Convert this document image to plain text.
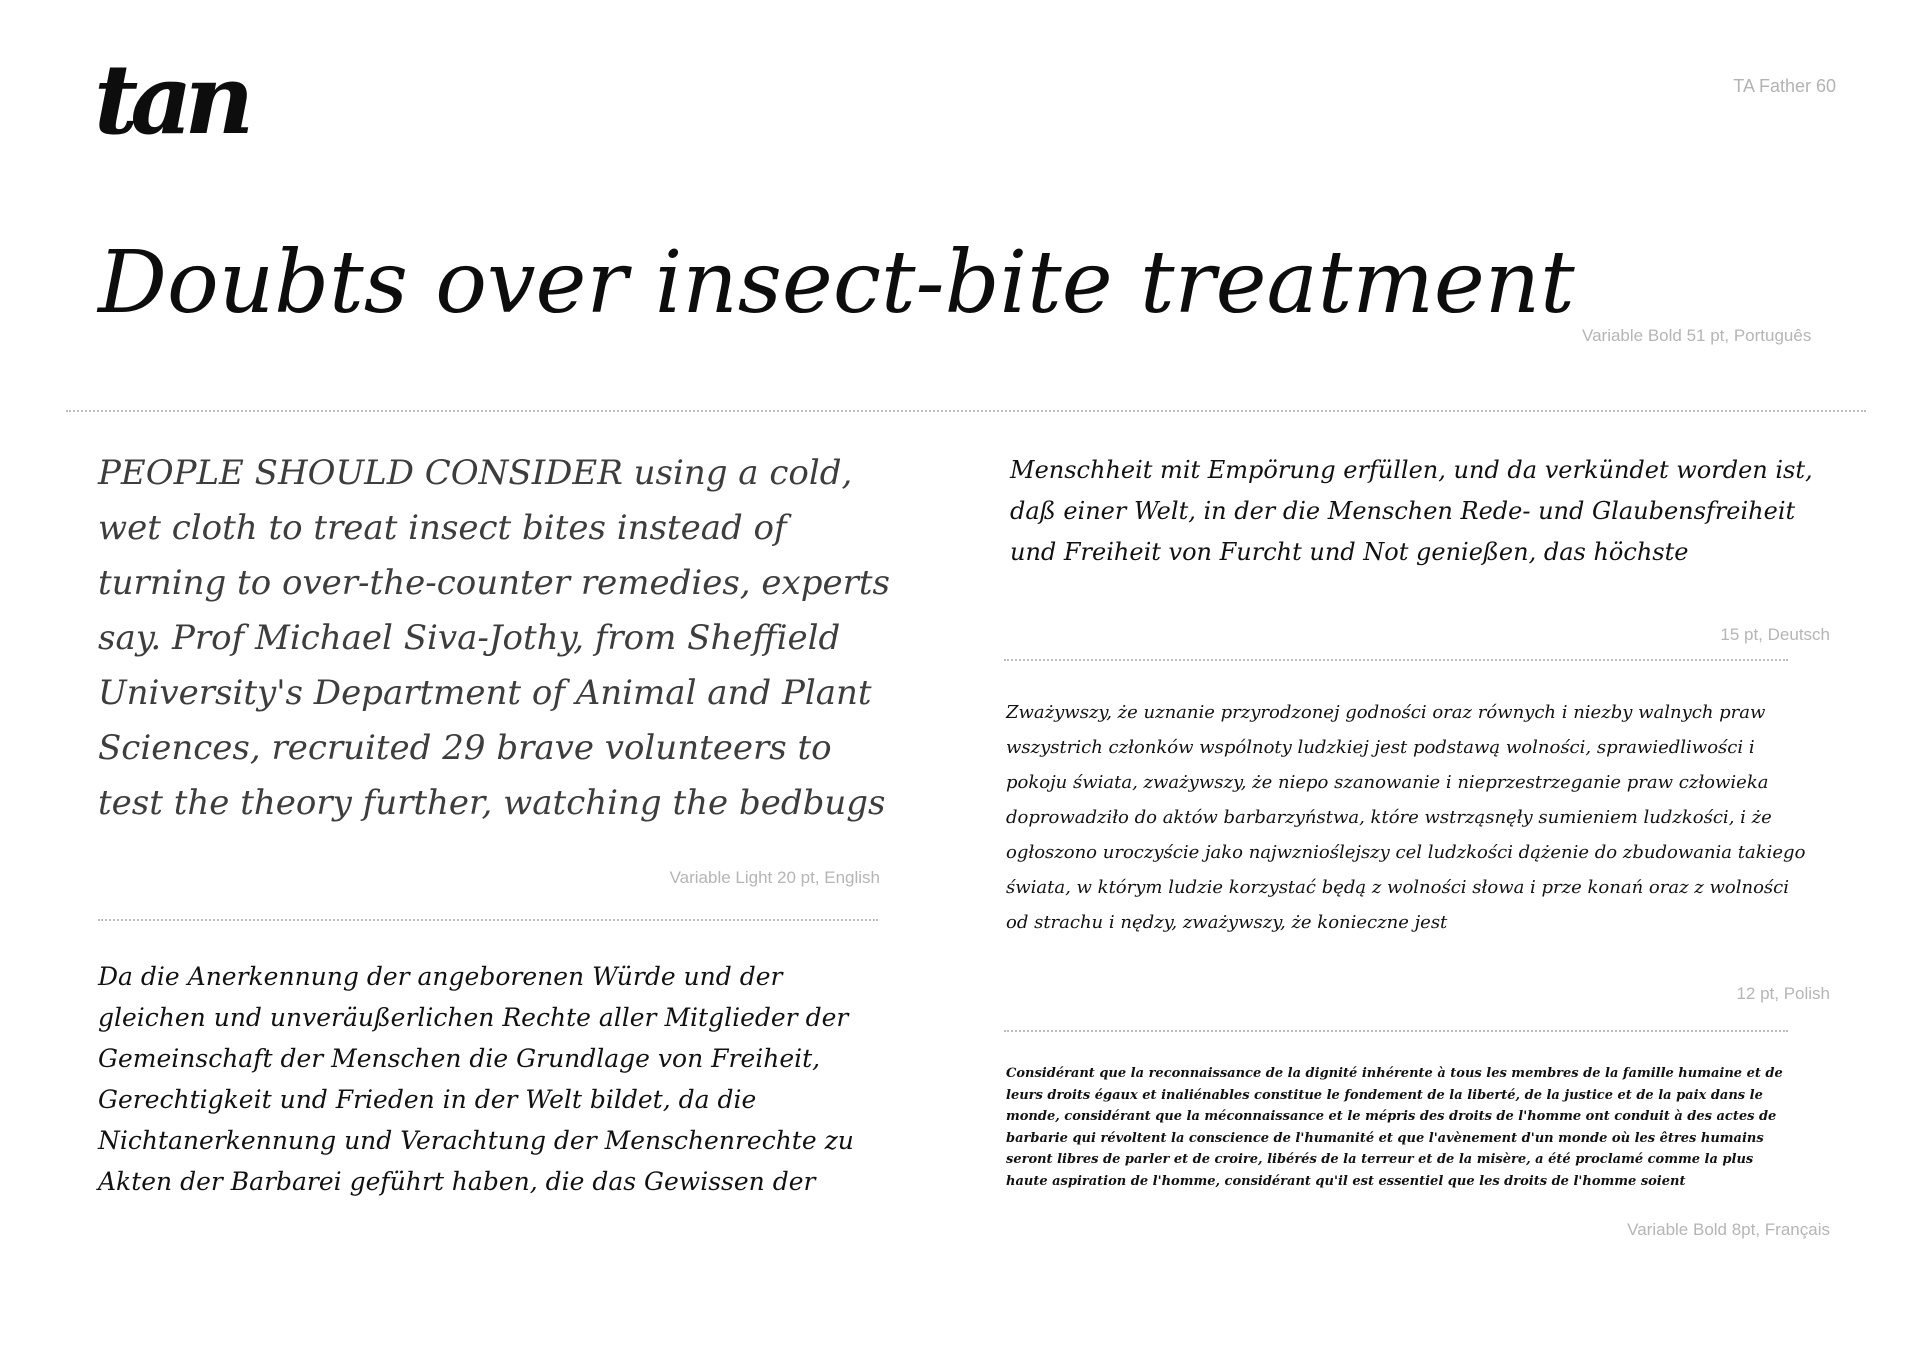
tan	TA Father 60
Doubts over insect-bite treatment
Variable Bold 51 pt, Português

PEOPLE SHOULD CONSIDER using a cold, wet cloth to treat insect bites instead of turning to over-the-counter remedies, experts say. Prof Michael Siva-Jothy, from Sheffield University's Department of Animal and Plant Sciences, recruited 29 brave volunteers to test the theory further, watching the bedbugs

Variable Light 20 pt, English

Da die Anerkennung der angeborenen Würde und der gleichen und unveräußerlichen Rechte aller Mitglieder der Gemeinschaft der Menschen die Grundlage von Freiheit, Gerechtigkeit und Frieden in der Welt bildet, da die Nichtanerkennung und Verachtung der Menschenrechte zu Akten der Barbarei geführt haben, die das Gewissen der

Menschheit mit Empörung erfüllen, und da verkündet worden ist, daß einer Welt, in der die Menschen Rede- und Glaubensfreiheit und Freiheit von Furcht und Not genießen, das höchste

15 pt, Deutsch

Zważywszy, że uznanie przyrodzonej godności oraz równych i niezby walnych praw wszystrich członków wspólnoty ludzkiej jest podstawą wolności, sprawiedliwości i pokoju świata, zważywszy, że niepo szanowanie i nieprzestrzeganie praw człowieka doprowadziło do aktów barbarzyństwa, które wstrząsnęły sumieniem ludzkości, i że ogłoszono uroczyście jako najwznioślejszy cel ludzkości dążenie do zbudowania takiego świata, w którym ludzie korzystać będą z wolności słowa i prze konań oraz z wolności od strachu i nędzy, zważywszy, że konieczne jest

12 pt, Polish

Considérant que la reconnaissance de la dignité inhérente à tous les membres de la famille humaine et de leurs droits égaux et inaliénables constitue le fondement de la liberté, de la justice et de la paix dans le monde, considérant que la méconnaissance et le mépris des droits de l'homme ont conduit à des actes de barbarie qui révoltent la conscience de l'humanité et que l'avènement d'un monde où les êtres humains seront libres de parler et de croire, libérés de la terreur et de la misère, a été proclamé comme la plus haute aspiration de l'homme, considérant qu'il est essentiel que les droits de l'homme soient

Variable Bold 8pt, Français
